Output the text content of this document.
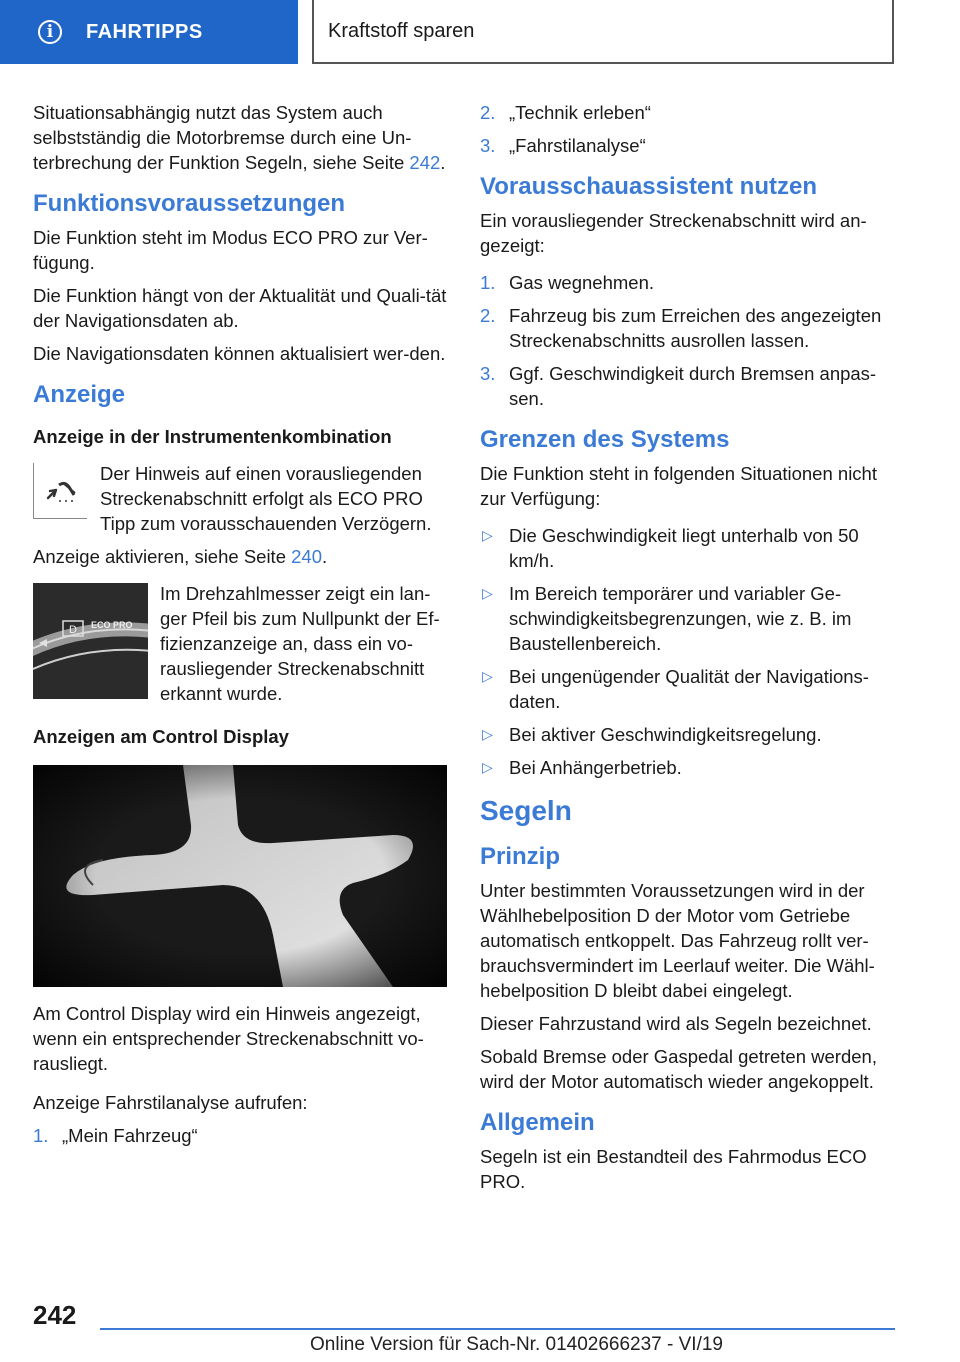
i	FAHRTIPPS	Kraftstoff sparen

Situationsabhängig nutzt das System auch selbstständig die Motorbremse durch eine Un-terbrechung der Funktion Segeln, siehe Seite 242.

Funktionsvoraussetzungen

Die Funktion steht im Modus ECO PRO zur Ver-fügung.

Die Funktion hängt von der Aktualität und Quali-tät der Navigationsdaten ab.

Die Navigationsdaten können aktualisiert wer-den.

Anzeige
Anzeige in der Instrumentenkombination
Der Hinweis auf einen vorausliegenden Streckenabschnitt erfolgt als ECO PRO Tipp zum vorausschauenden Verzögern.

Anzeige aktivieren, siehe Seite 240.

D ECO PRO
Im Drehzahlmesser zeigt ein lan-ger Pfeil bis zum Nullpunkt der Ef-fizienzanzeige an, dass ein vo-rausliegender Streckenabschnitt erkannt wurde.
Anzeigen am Control Display

Am Control Display wird ein Hinweis angezeigt, wenn ein entsprechender Streckenabschnitt vo-rausliegt.

Anzeige Fahrstilanalyse aufrufen:

1. „Mein Fahrzeug“
2. „Technik erleben“
3. „Fahrstilanalyse“
Vorausschauassistent nutzen

Ein vorausliegender Streckenabschnitt wird an-gezeigt:

1. Gas wegnehmen.
2. Fahrzeug bis zum Erreichen des angezeigten Streckenabschnitts ausrollen lassen.
3. Ggf. Geschwindigkeit durch Bremsen anpas-sen.
Grenzen des Systems

Die Funktion steht in folgenden Situationen nicht zur Verfügung:

▷ Die Geschwindigkeit liegt unterhalb von 50 km/h.
▷ Im Bereich temporärer und variabler Ge-schwindigkeitsbegrenzungen, wie z. B. im Baustellenbereich.
▷ Bei ungenügender Qualität der Navigations-daten.
▷ Bei aktiver Geschwindigkeitsregelung.
▷ Bei Anhängerbetrieb.
Segeln
Prinzip

Unter bestimmten Voraussetzungen wird in der Wählhebelposition D der Motor vom Getriebe automatisch entkoppelt. Das Fahrzeug rollt ver-brauchsvermindert im Leerlauf weiter. Die Wähl-hebelposition D bleibt dabei eingelegt.

Dieser Fahrzustand wird als Segeln bezeichnet.

Sobald Bremse oder Gaspedal getreten werden, wird der Motor automatisch wieder angekoppelt.

Allgemein

Segeln ist ein Bestandteil des Fahrmodus ECO PRO.

242
Online Version für Sach-Nr. 01402666237 - VI/19
